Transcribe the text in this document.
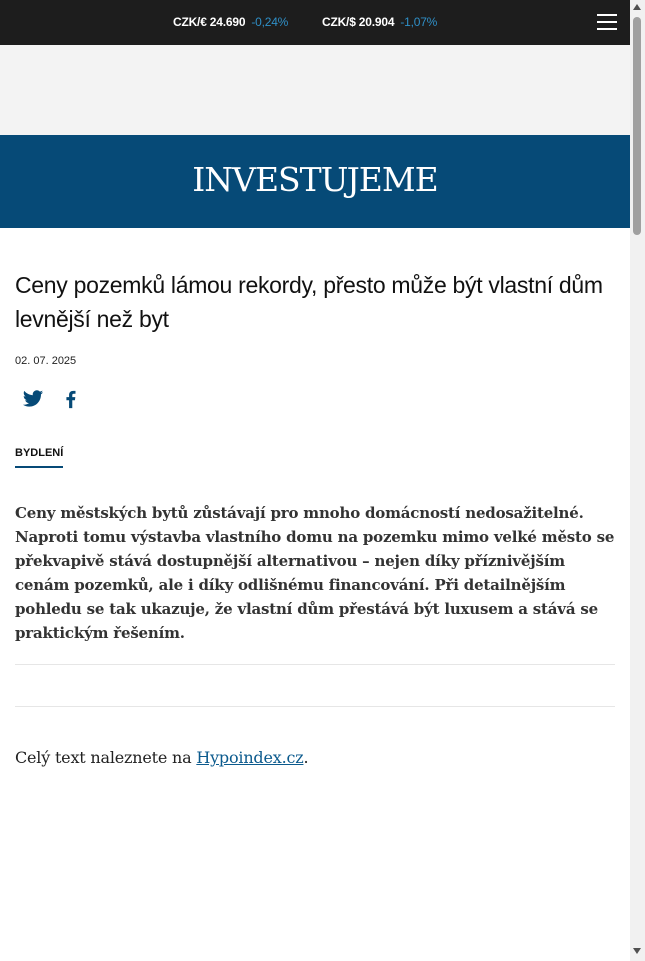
CZK/€ 24.690 -0,24%	CZK/$ 20.904 -1,07%
INVESTUJEME
Ceny pozemků lámou rekordy, přesto může být vlastní dům levnější než byt
02. 07. 2025
BYDLENÍ

Ceny městských bytů zůstávají pro mnoho domácností nedosažitelné. Naproti tomu výstavba vlastního domu na pozemku mimo velké město se překvapivě stává dostupnější alternativou – nejen díky příznivějším cenám pozemků, ale i díky odlišnému financování. Při detailnějším pohledu se tak ukazuje, že vlastní dům přestává být luxusem a stává se praktickým řešením.

Celý text naleznete na Hypoindex.cz.
